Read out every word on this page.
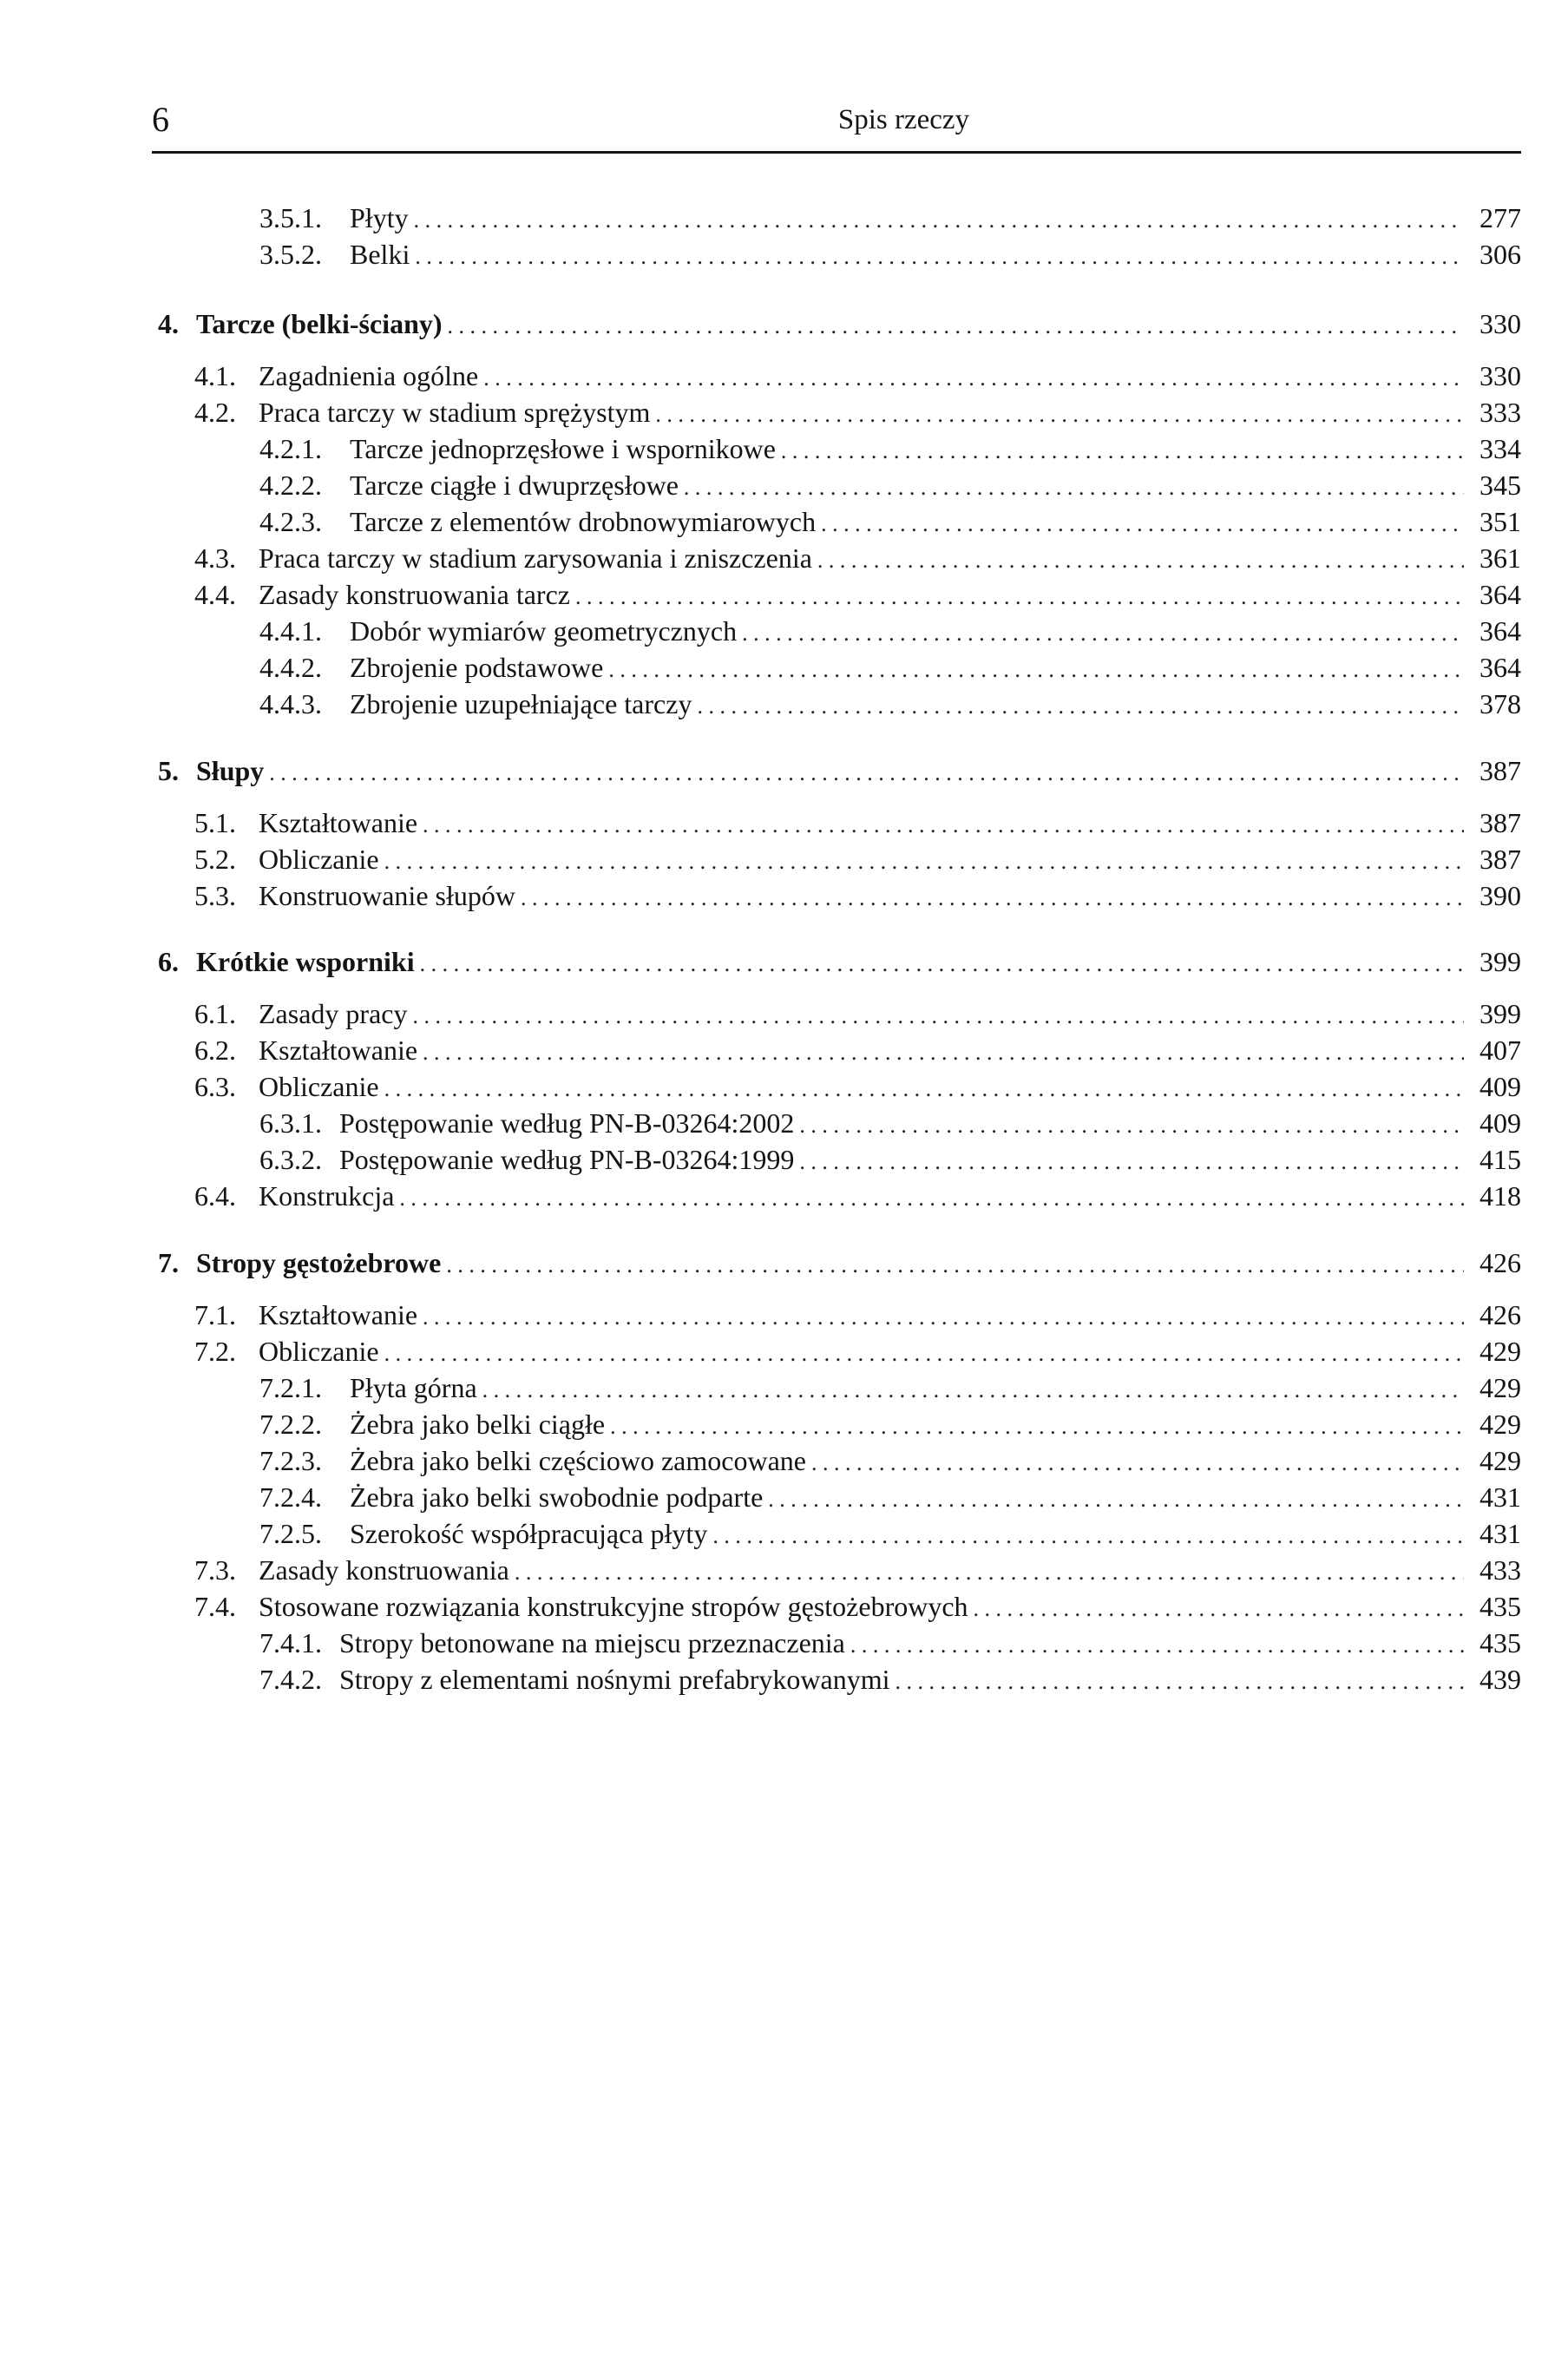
6	Spis rzeczy
3.5.1.	Płyty . . .	277
3.5.2.	Belki . . .	306
4. Tarcze (belki-ściany) . . .	330
4.1. Zagadnienia ogólne . . .	330
4.2. Praca tarczy w stadium sprężystym . . .	333
4.2.1.	Tarcze jednoprzęsłowe i wspornikowe . . .	334
4.2.2.	Tarcze ciągłe i dwuprzęsłowe . . .	345
4.2.3.	Tarcze z elementów drobnowymiarowych . . .	351
4.3. Praca tarczy w stadium zarysowania i zniszczenia . . .	361
4.4. Zasady konstruowania tarcz . . .	364
4.4.1.	Dobór wymiarów geometrycznych . . .	364
4.4.2.	Zbrojenie podstawowe . . .	364
4.4.3.	Zbrojenie uzupełniające tarczy . . .	378
5. Słupy . . .	387
5.1. Kształtowanie . . .	387
5.2. Obliczanie . . .	387
5.3. Konstruowanie słupów . . .	390
6. Krótkie wsporniki . . .	399
6.1. Zasady pracy . . .	399
6.2. Kształtowanie . . .	407
6.3. Obliczanie . . .	409
6.3.1. Postępowanie według PN-B-03264:2002 . . .	409
6.3.2. Postępowanie według PN-B-03264:1999 . . .	415
6.4. Konstrukcja . . .	418
7. Stropy gęstożebrowe . . .	426
7.1. Kształtowanie . . .	426
7.2. Obliczanie . . .	429
7.2.1.	Płyta górna . . .	429
7.2.2.	Żebra jako belki ciągłe . . .	429
7.2.3.	Żebra jako belki częściowo zamocowane . . .	429
7.2.4.	Żebra jako belki swobodnie podparte . . .	431
7.2.5.	Szerokość współpracująca płyty . . .	431
7.3. Zasady konstruowania . . .	433
7.4. Stosowane rozwiązania konstrukcyjne stropów gęstożebrowych . . .	435
7.4.1. Stropy betonowane na miejscu przeznaczenia . . .	435
7.4.2. Stropy z elementami nośnymi prefabrykowanymi . . .	439
